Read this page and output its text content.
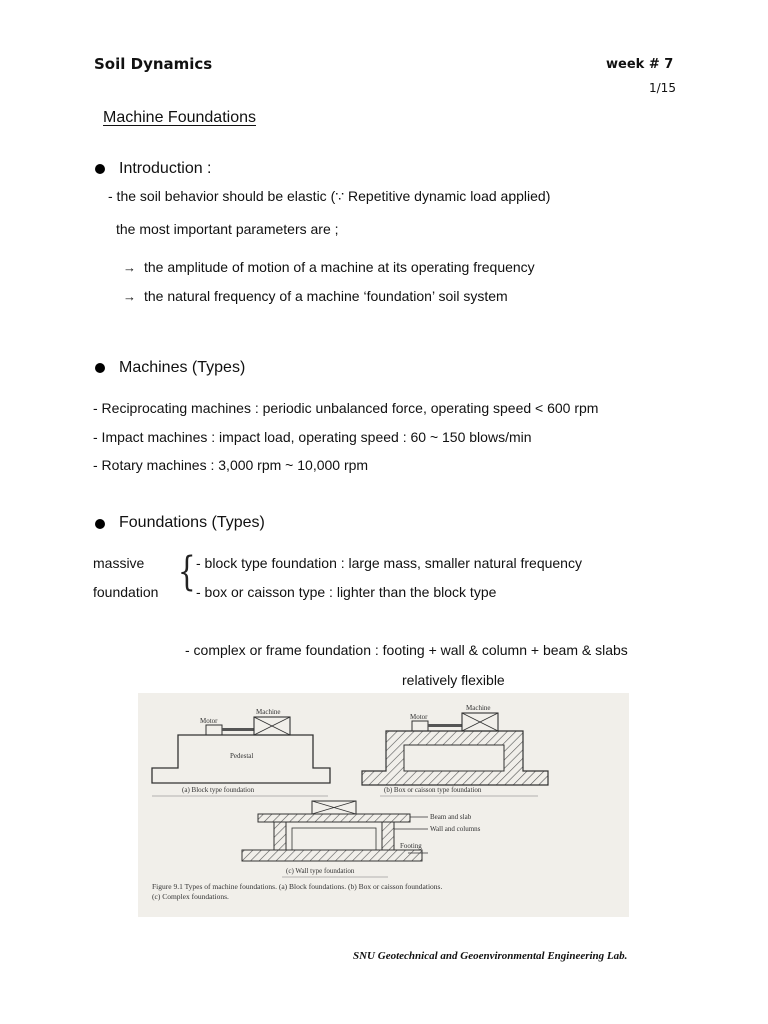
Soil Dynamics	week # 7
1/15
Machine Foundations
Introduction :
- the soil behavior should be elastic (∵ Repetitive dynamic load applied)
the most important parameters are ;
→ the amplitude of motion of a machine at its operating frequency
→ the natural frequency of a machine ‘foundation’ soil system
Machines (Types)
- Reciprocating machines : periodic unbalanced force, operating speed < 600 rpm
- Impact machines : impact load, operating speed : 60 ~ 150 blows/min
- Rotary machines : 3,000 rpm ~ 10,000 rpm
Foundations (Types)
massive
foundation { - block type foundation : large mass, smaller natural frequency
- box or caisson type : lighter than the block type
- complex or frame foundation : footing + wall & column + beam & slabs
relatively flexible
Motor
Machine
Pedestal
(a) Block type foundation
Motor
Machine
(b) Box or caisson type foundation
Beam and slab
Wall and columns
Footing
(c) Wall type foundation
Figure 9.1 Types of machine foundations. (a) Block foundations. (b) Box or caisson foundations.
(c) Complex foundations.
SNU Geotechnical and Geoenvironmental Engineering Lab.
